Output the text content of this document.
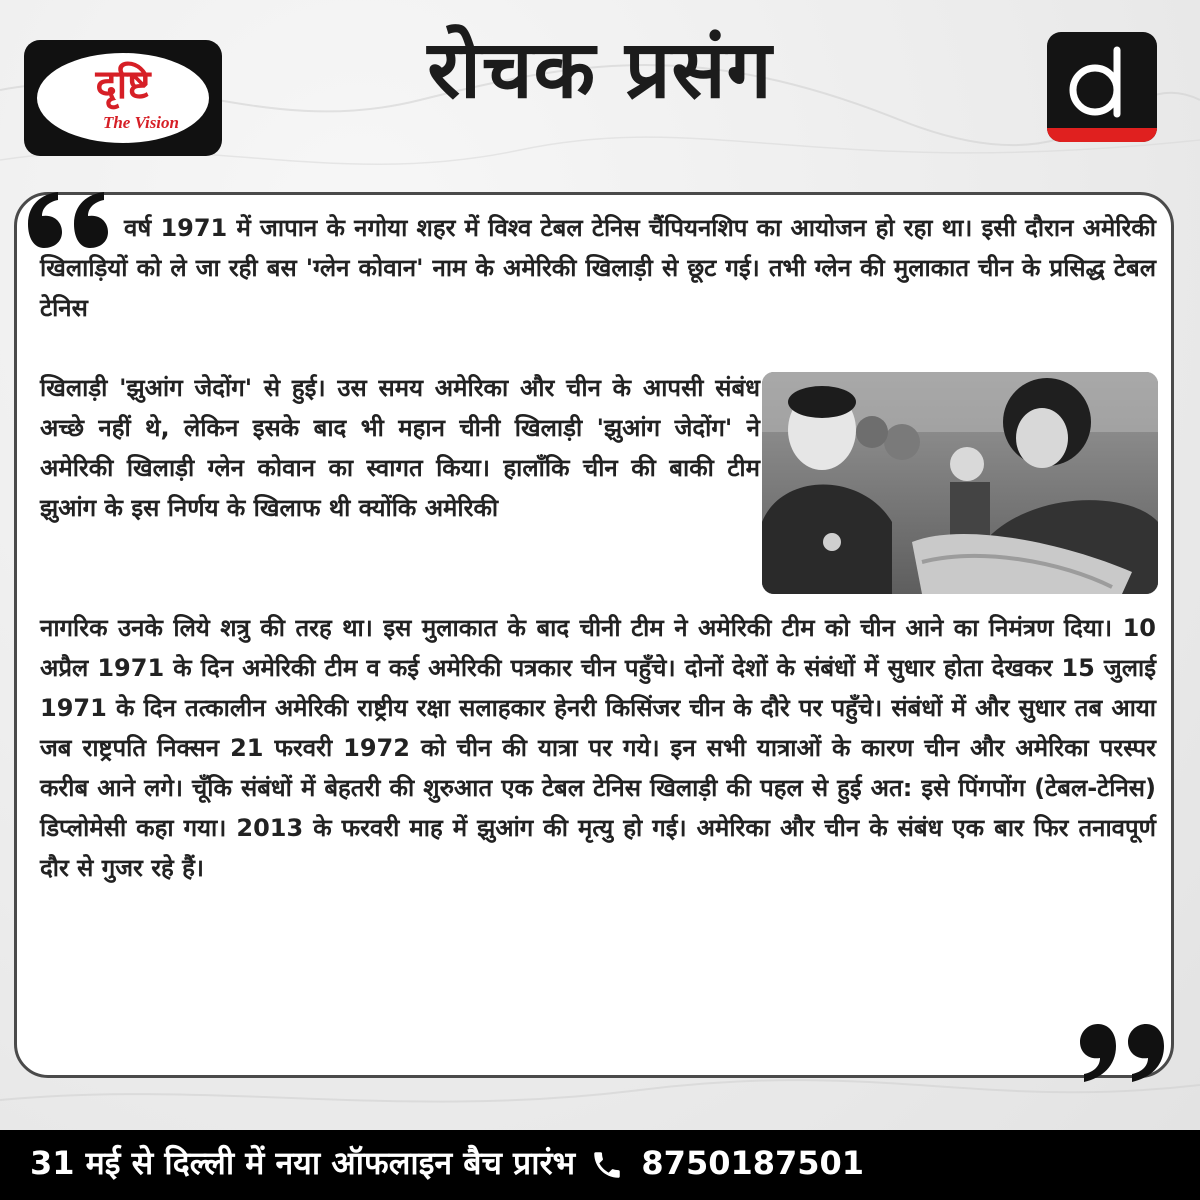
दृष्टि
The Vision
रोचक प्रसंग

वर्ष 1971 में जापान के नगोया शहर में विश्व टेबल टेनिस चैंपियनशिप का आयोजन हो रहा था। इसी दौरान अमेरिकी खिलाड़ियों को ले जा रही बस 'ग्लेन कोवान' नाम के अमेरिकी खिलाड़ी से छूट गई। तभी ग्लेन की मुलाकात चीन के प्रसिद्ध टेबल टेनिस

खिलाड़ी 'झुआंग जेदोंग' से हुई। उस समय अमेरिका और चीन के आपसी संबंध अच्छे नहीं थे, लेकिन इसके बाद भी महान चीनी खिलाड़ी 'झुआंग जेदोंग' ने अमेरिकी खिलाड़ी ग्लेन कोवान का स्वागत किया। हालाँकि चीन की बाकी टीम झुआंग के इस निर्णय के खिलाफ थी क्योंकि अमेरिकी

नागरिक उनके लिये शत्रु की तरह था। इस मुलाकात के बाद चीनी टीम ने अमेरिकी टीम को चीन आने का निमंत्रण दिया। 10 अप्रैल 1971 के दिन अमेरिकी टीम व कई अमेरिकी पत्रकार चीन पहुँचे। दोनों देशों के संबंधों में सुधार होता देखकर 15 जुलाई 1971 के दिन तत्कालीन अमेरिकी राष्ट्रीय रक्षा सलाहकार हेनरी किसिंजर चीन के दौरे पर पहुँचे। संबंधों में और सुधार तब आया जब राष्ट्रपति निक्सन 21 फरवरी 1972 को चीन की यात्रा पर गये। इन सभी यात्राओं के कारण चीन और अमेरिका परस्पर करीब आने लगे। चूँकि संबंधों में बेहतरी की शुरुआत एक टेबल टेनिस खिलाड़ी की पहल से हुई अत: इसे पिंगपोंग (टेबल-टेनिस) डिप्लोमेसी कहा गया। 2013 के फरवरी माह में झुआंग की मृत्यु हो गई। अमेरिका और चीन के संबंध एक बार फिर तनावपूर्ण दौर से गुजर रहे हैं।

31 मई से दिल्ली में नया ऑफलाइन बैच प्रारंभ 8750187501
